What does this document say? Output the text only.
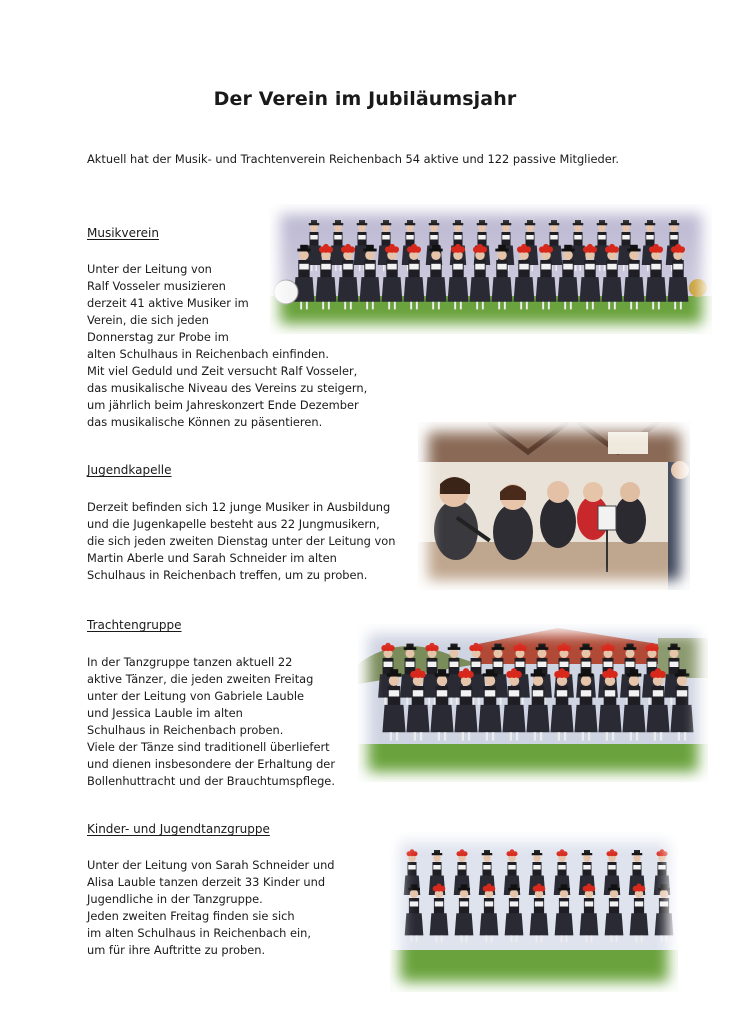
Der Verein im Jubiläumsjahr
Aktuell hat der Musik- und Trachtenverein Reichenbach 54 aktive und 122 passive Mitglieder.
Musikverein
Unter der Leitung von
Ralf Vosseler musizieren
derzeit 41 aktive Musiker im
Verein, die sich jeden
Donnerstag zur Probe im
alten Schulhaus in Reichenbach einfinden.
Mit viel Geduld und Zeit versucht Ralf Vosseler,
das musikalische Niveau des Vereins zu steigern,
um jährlich beim Jahreskonzert Ende Dezember
das musikalische Können zu päsentieren.
Jugendkapelle
Derzeit befinden sich 12 junge Musiker in Ausbildung
und die Jugenkapelle besteht aus 22 Jungmusikern,
die sich jeden zweiten Dienstag unter der Leitung von
Martin Aberle und Sarah Schneider im alten
Schulhaus in Reichenbach treffen, um zu proben.
Trachtengruppe
In der Tanzgruppe tanzen aktuell 22
aktive Tänzer, die jeden zweiten Freitag
unter der Leitung von Gabriele Lauble
und Jessica Lauble im alten
Schulhaus in Reichenbach proben.
Viele der Tänze sind traditionell überliefert
und dienen insbesondere der Erhaltung der
Bollenhuttracht und der Brauchtumspflege.
Kinder- und Jugendtanzgruppe
Unter der Leitung von Sarah Schneider und
Alisa Lauble tanzen derzeit 33 Kinder und
Jugendliche in der Tanzgruppe.
Jeden zweiten Freitag finden sie sich
im alten Schulhaus in Reichenbach ein,
um für ihre Auftritte zu proben.
